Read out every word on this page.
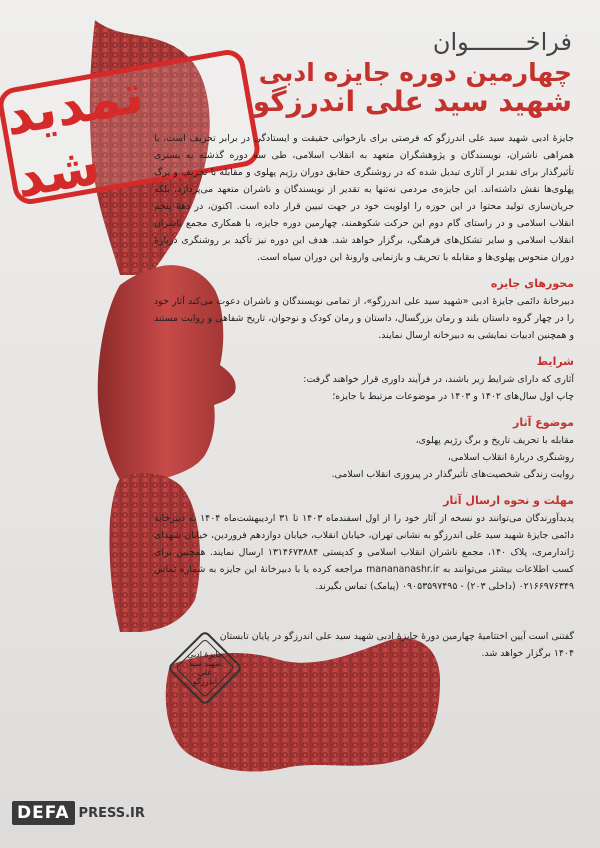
تمدید شد
فراخــــــــوان
چهارمین دوره جایزه ادبی
شهید سید علی اندرزگو

جایزۀ ادبی شهید سید علی اندرزگو که فرصتی برای بازخوانی حقیقت و ایستادگی در برابر تحریف است، با همراهی ناشران، نویسندگان و پژوهشگران متعهد به انقلاب اسلامی، طی سه دوره گذشته به بستری تأثیرگذار برای تقدیر از آثاری تبدیل شده که در روشنگری حقایق دوران رژیم پهلوی و مقابله با تحریف و برگ پهلوی‌ها نقش داشته‌اند. این جایزه‌ی مردمی نه‌تنها به تقدیر از نویسندگان و ناشران متعهد می‌پردازد، بلکه جریان‌سازی تولید محتوا در این حوزه را اولویت خود در جهت تبیین قرار داده است. اکنون، در دهۀ پنجم انقلاب اسلامی و در راستای گام دوم این حرکت شکوهمند، چهارمین دوره جایزه، با همکاری مجمع ناشران انقلاب اسلامی و سایر تشکل‌های فرهنگی، برگزار خواهد شد. هدف این دوره نیز تأکید بر روشنگری دربارۀ دوران منحوس پهلوی‌ها و مقابله با تحریف و بازنمایی وارونۀ این دوران سیاه است.

محورهای جایزه

دبیرخانۀ دائمی جایزۀ ادبی «شهید سید علی اندرزگو»، از تمامی نویسندگان و ناشران دعوت می‌کند آثار خود را در چهار گروه داستان بلند و رمان بزرگسال، داستان و رمان کودک و نوجوان، تاریخ شفاهی و روایت مستند و همچنین ادبیات نمایشی به دبیرخانه ارسال نمایند.

شرایط

آثاری که دارای شرایط زیر باشند، در فرآیند داوری قرار خواهند گرفت:

چاپ اول سال‌های ۱۴۰۲ و ۱۴۰۳ در موضوعات مرتبط با جایزه؛

موضوع آثار

مقابله با تحریف تاریخ و برگ رژیم پهلوی،

روشنگری دربارۀ انقلاب اسلامی،

روایت زندگی شخصیت‌های تأثیرگذار در پیروزی انقلاب اسلامی.

مهلت و نحوه ارسال آثار

پدیدآورندگان می‌توانند دو نسخه از آثار خود را از اول اسفندماه ۱۴۰۳ تا ۳۱ اردیبهشت‌ماه ۱۴۰۴ به دبیرخانه دائمی جایزۀ شهید سید علی اندرزگو به نشانی تهران، خیابان انقلاب، خیابان دوازدهم فروردین، خیابان شهدای ژاندارمری، پلاک ۱۴۰، مجمع ناشران انقلاب اسلامی و کدپستی ۱۳۱۴۶۷۳۸۸۴ ارسال نمایند. همچنین برای کسب اطلاعات بیشتر می‌توانند به manananashr.ir مراجعه کرده یا با دبیرخانۀ این جایزه به شماره تماس ۰۲۱۶۶۹۷۶۳۴۹ (داخلی ۲۰۳) - ۰۹۰۵۳۵۹۷۴۹۵ (پیامک) تماس بگیرند.

گفتنی است آیین اختتامیۀ چهارمین دورۀ جایزۀ ادبی شهید سید علی اندرزگو در پایان تابستان ۱۴۰۴ برگزار خواهد شد.
جایزۀ ادبی
شهید سید علی اندرزگو
DEFA PRESS.IR
